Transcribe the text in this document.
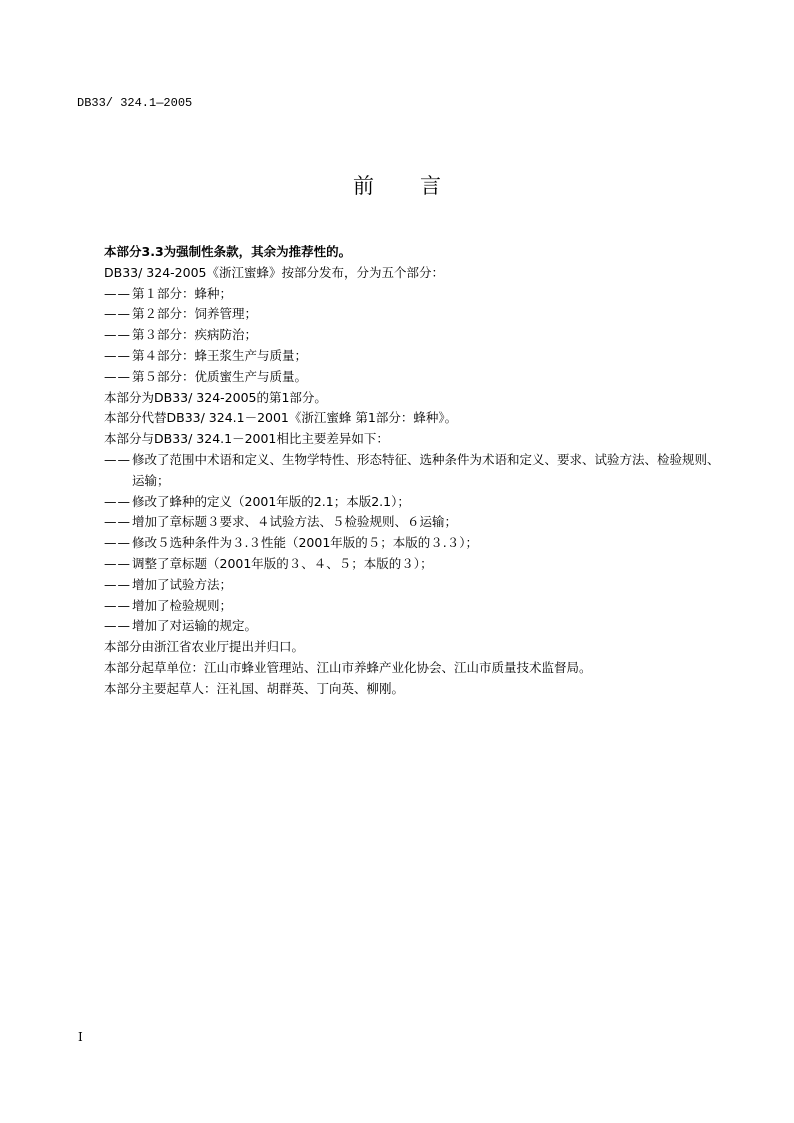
DB33/ 324.1—2005
前言
本部分3.3为强制性条款，其余为推荐性的。
DB33/ 324-2005《浙江蜜蜂》按部分发布，分为五个部分：
—— 第１部分：蜂种；
—— 第２部分：饲养管理；
—— 第３部分：疾病防治；
—— 第４部分：蜂王浆生产与质量；
—— 第５部分：优质蜜生产与质量。
本部分为DB33/ 324-2005的第1部分。
本部分代替DB33/ 324.1－2001《浙江蜜蜂 第1部分：蜂种》。
本部分与DB33/ 324.1－2001相比主要差异如下：
—— 修改了范围中术语和定义、生物学特性、形态特征、选种条件为术语和定义、要求、试验方法、检验规则、运输；
—— 修改了蜂种的定义（2001年版的2.1；本版2.1）；
—— 增加了章标题３要求、４试验方法、５检验规则、６运输；
—— 修改５选种条件为３.３性能（2001年版的５；本版的３.３）；
—— 调整了章标题（2001年版的３、４、５；本版的３）；
—— 增加了试验方法；
—— 增加了检验规则；
—— 增加了对运输的规定。
本部分由浙江省农业厅提出并归口。
本部分起草单位：江山市蜂业管理站、江山市养蜂产业化协会、江山市质量技术监督局。
本部分主要起草人：汪礼国、胡群英、丁向英、柳刚。
I
